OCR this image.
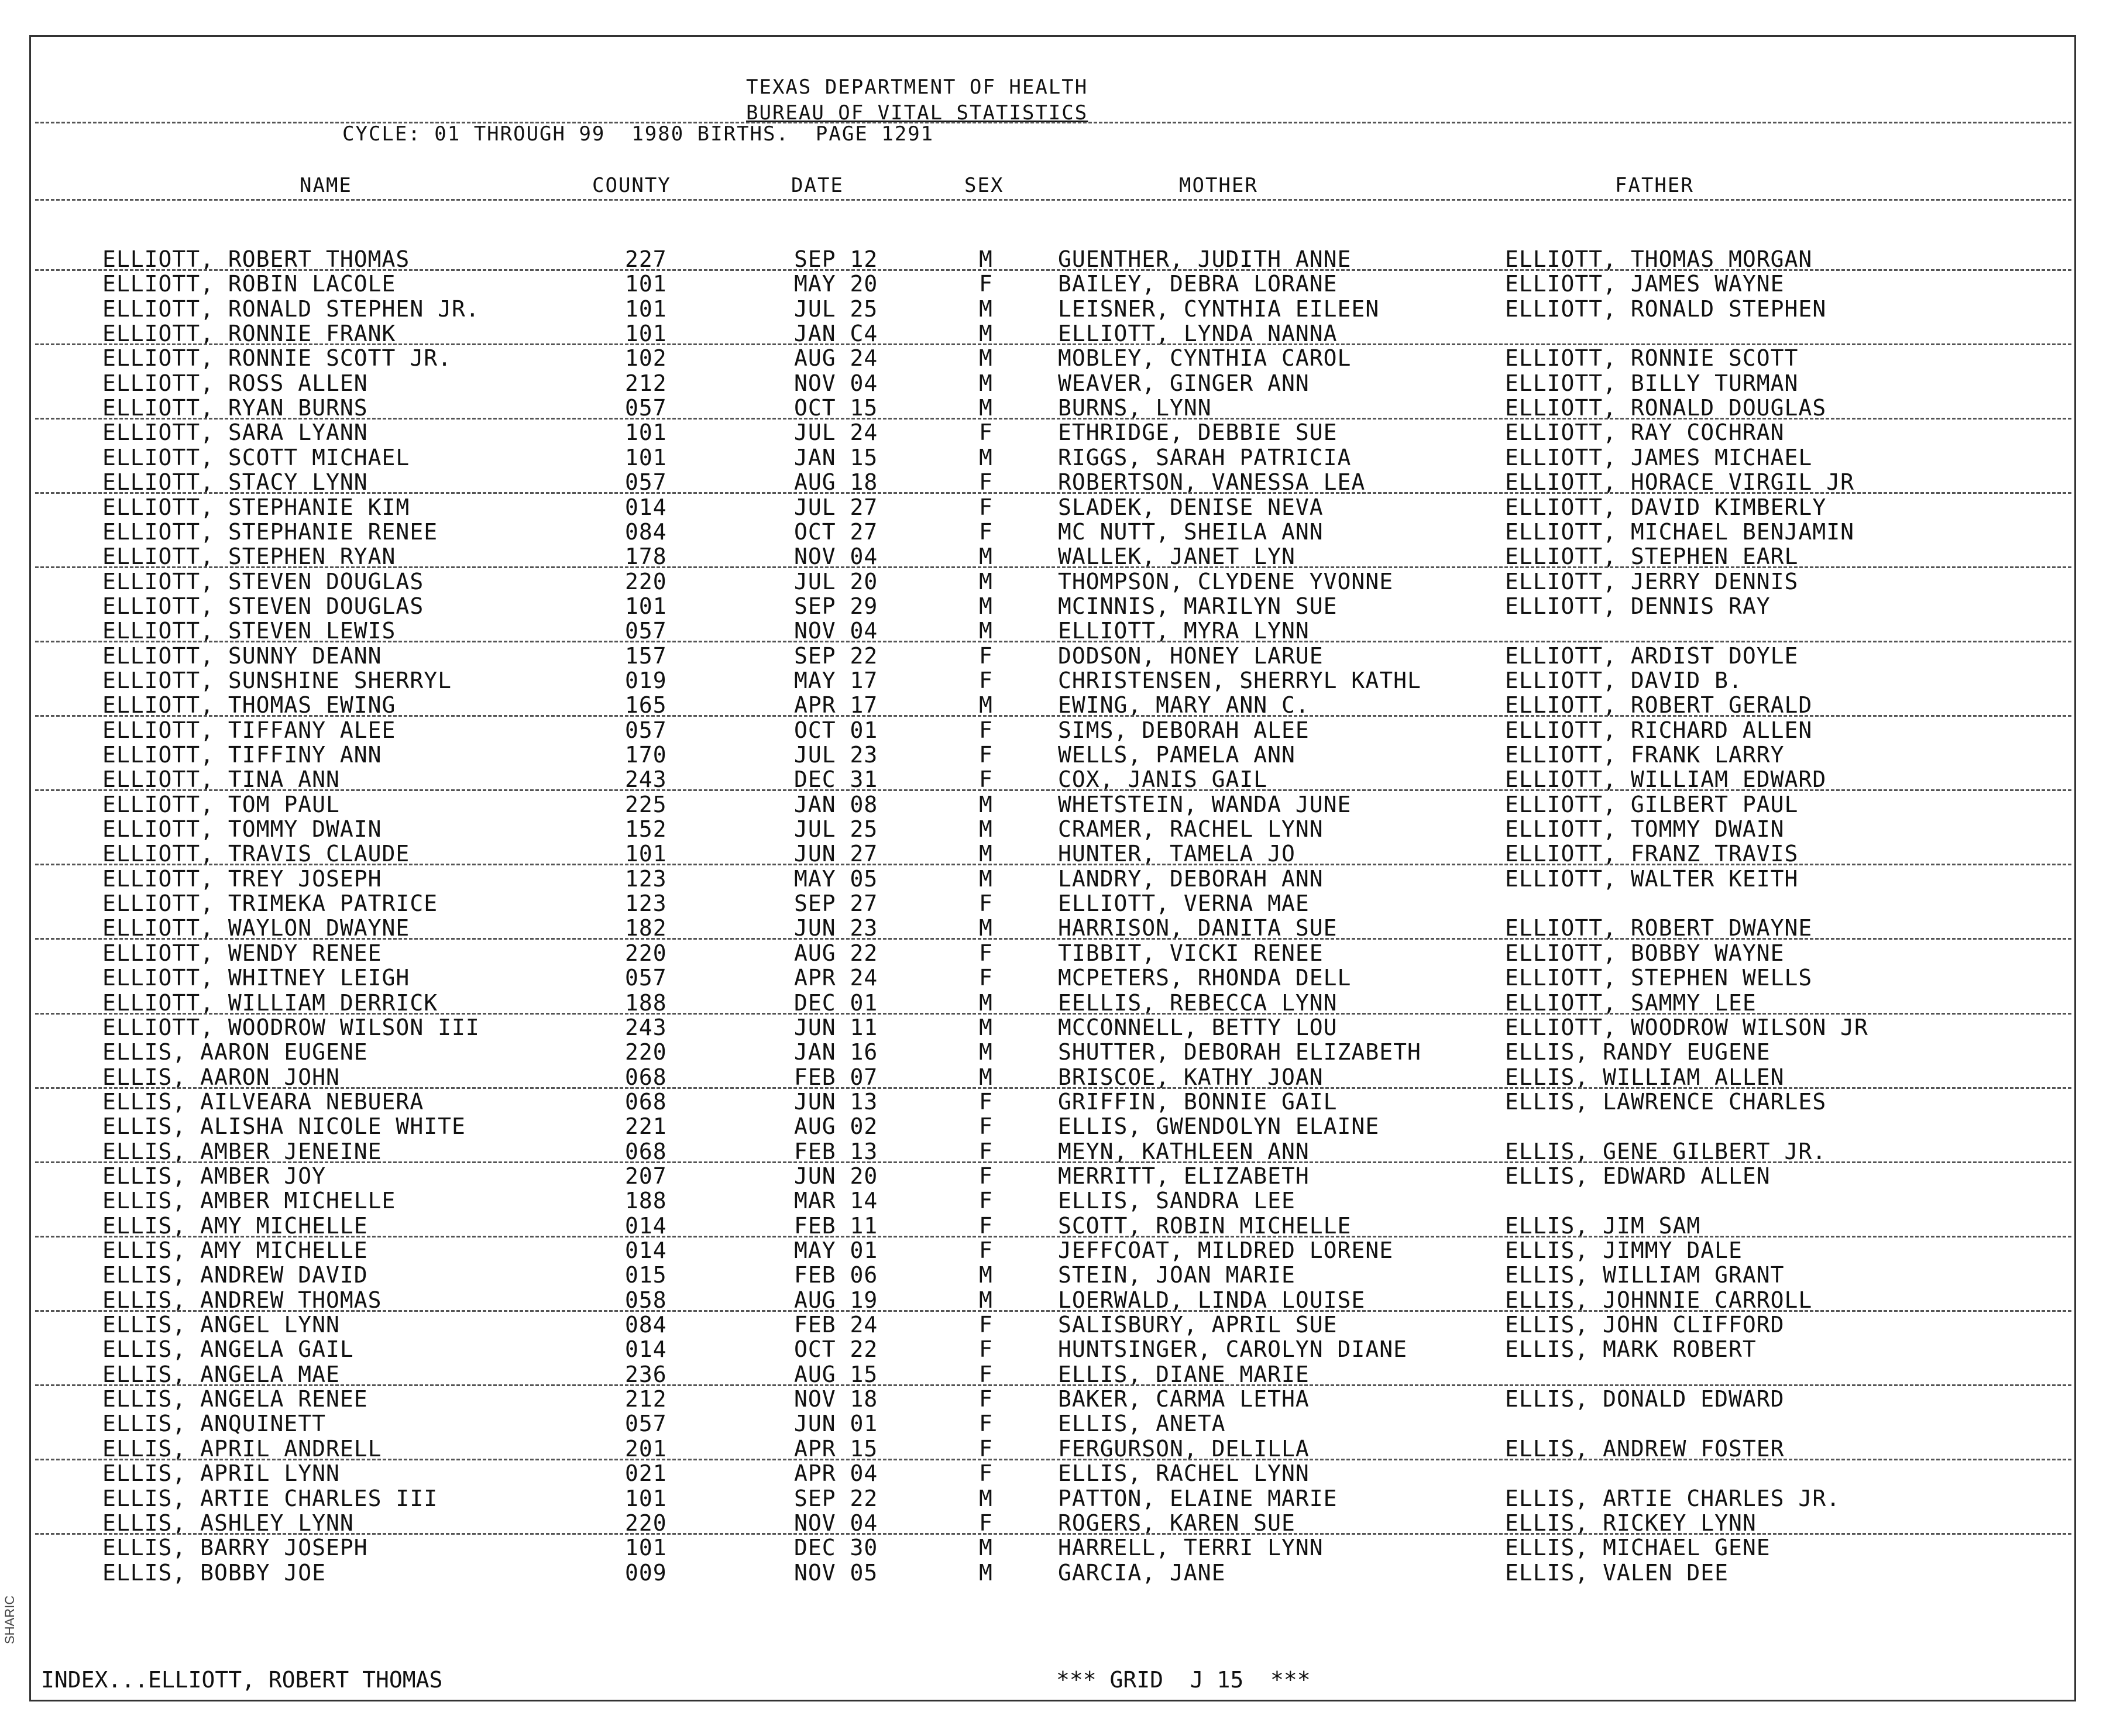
TEXAS DEPARTMENT OF HEALTH
BUREAU OF VITAL STATISTICS
CYCLE: 01 THROUGH 99  1980 BIRTHS.  PAGE 1291
NAME	COUNTY	DATE	SEX	MOTHER	FATHER
ELLIOTT, ROBERT THOMAS	227	SEP 12	M	GUENTHER, JUDITH ANNE	ELLIOTT, THOMAS MORGAN
ELLIOTT, ROBIN LACOLE	101	MAY 20	F	BAILEY, DEBRA LORANE	ELLIOTT, JAMES WAYNE
ELLIOTT, RONALD STEPHEN JR.	101	JUL 25	M	LEISNER, CYNTHIA EILEEN	ELLIOTT, RONALD STEPHEN
ELLIOTT, RONNIE FRANK	101	JAN C4	M	ELLIOTT, LYNDA NANNA
ELLIOTT, RONNIE SCOTT JR.	102	AUG 24	M	MOBLEY, CYNTHIA CAROL	ELLIOTT, RONNIE SCOTT
ELLIOTT, ROSS ALLEN	212	NOV 04	M	WEAVER, GINGER ANN	ELLIOTT, BILLY TURMAN
ELLIOTT, RYAN BURNS	057	OCT 15	M	BURNS, LYNN	ELLIOTT, RONALD DOUGLAS
ELLIOTT, SARA LYANN	101	JUL 24	F	ETHRIDGE, DEBBIE SUE	ELLIOTT, RAY COCHRAN
ELLIOTT, SCOTT MICHAEL	101	JAN 15	M	RIGGS, SARAH PATRICIA	ELLIOTT, JAMES MICHAEL
ELLIOTT, STACY LYNN	057	AUG 18	F	ROBERTSON, VANESSA LEA	ELLIOTT, HORACE VIRGIL JR
ELLIOTT, STEPHANIE KIM	014	JUL 27	F	SLADEK, DENISE NEVA	ELLIOTT, DAVID KIMBERLY
ELLIOTT, STEPHANIE RENEE	084	OCT 27	F	MC NUTT, SHEILA ANN	ELLIOTT, MICHAEL BENJAMIN
ELLIOTT, STEPHEN RYAN	178	NOV 04	M	WALLEK, JANET LYN	ELLIOTT, STEPHEN EARL
ELLIOTT, STEVEN DOUGLAS	220	JUL 20	M	THOMPSON, CLYDENE YVONNE	ELLIOTT, JERRY DENNIS
ELLIOTT, STEVEN DOUGLAS	101	SEP 29	M	MCINNIS, MARILYN SUE	ELLIOTT, DENNIS RAY
ELLIOTT, STEVEN LEWIS	057	NOV 04	M	ELLIOTT, MYRA LYNN
ELLIOTT, SUNNY DEANN	157	SEP 22	F	DODSON, HONEY LARUE	ELLIOTT, ARDIST DOYLE
ELLIOTT, SUNSHINE SHERRYL	019	MAY 17	F	CHRISTENSEN, SHERRYL KATHL	ELLIOTT, DAVID B.
ELLIOTT, THOMAS EWING	165	APR 17	M	EWING, MARY ANN C.	ELLIOTT, ROBERT GERALD
ELLIOTT, TIFFANY ALEE	057	OCT 01	F	SIMS, DEBORAH ALEE	ELLIOTT, RICHARD ALLEN
ELLIOTT, TIFFINY ANN	170	JUL 23	F	WELLS, PAMELA ANN	ELLIOTT, FRANK LARRY
ELLIOTT, TINA ANN	243	DEC 31	F	COX, JANIS GAIL	ELLIOTT, WILLIAM EDWARD
ELLIOTT, TOM PAUL	225	JAN 08	M	WHETSTEIN, WANDA JUNE	ELLIOTT, GILBERT PAUL
ELLIOTT, TOMMY DWAIN	152	JUL 25	M	CRAMER, RACHEL LYNN	ELLIOTT, TOMMY DWAIN
ELLIOTT, TRAVIS CLAUDE	101	JUN 27	M	HUNTER, TAMELA JO	ELLIOTT, FRANZ TRAVIS
ELLIOTT, TREY JOSEPH	123	MAY 05	M	LANDRY, DEBORAH ANN	ELLIOTT, WALTER KEITH
ELLIOTT, TRIMEKA PATRICE	123	SEP 27	F	ELLIOTT, VERNA MAE
ELLIOTT, WAYLON DWAYNE	182	JUN 23	M	HARRISON, DANITA SUE	ELLIOTT, ROBERT DWAYNE
ELLIOTT, WENDY RENEE	220	AUG 22	F	TIBBIT, VICKI RENEE	ELLIOTT, BOBBY WAYNE
ELLIOTT, WHITNEY LEIGH	057	APR 24	F	MCPETERS, RHONDA DELL	ELLIOTT, STEPHEN WELLS
ELLIOTT, WILLIAM DERRICK	188	DEC 01	M	EELLIS, REBECCA LYNN	ELLIOTT, SAMMY LEE
ELLIOTT, WOODROW WILSON III	243	JUN 11	M	MCCONNELL, BETTY LOU	ELLIOTT, WOODROW WILSON JR
ELLIS, AARON EUGENE	220	JAN 16	M	SHUTTER, DEBORAH ELIZABETH	ELLIS, RANDY EUGENE
ELLIS, AARON JOHN	068	FEB 07	M	BRISCOE, KATHY JOAN	ELLIS, WILLIAM ALLEN
ELLIS, AILVEARA NEBUERA	068	JUN 13	F	GRIFFIN, BONNIE GAIL	ELLIS, LAWRENCE CHARLES
ELLIS, ALISHA NICOLE WHITE	221	AUG 02	F	ELLIS, GWENDOLYN ELAINE
ELLIS, AMBER JENEINE	068	FEB 13	F	MEYN, KATHLEEN ANN	ELLIS, GENE GILBERT JR.
ELLIS, AMBER JOY	207	JUN 20	F	MERRITT, ELIZABETH	ELLIS, EDWARD ALLEN
ELLIS, AMBER MICHELLE	188	MAR 14	F	ELLIS, SANDRA LEE
ELLIS, AMY MICHELLE	014	FEB 11	F	SCOTT, ROBIN MICHELLE	ELLIS, JIM SAM
ELLIS, AMY MICHELLE	014	MAY 01	F	JEFFCOAT, MILDRED LORENE	ELLIS, JIMMY DALE
ELLIS, ANDREW DAVID	015	FEB 06	M	STEIN, JOAN MARIE	ELLIS, WILLIAM GRANT
ELLIS, ANDREW THOMAS	058	AUG 19	M	LOERWALD, LINDA LOUISE	ELLIS, JOHNNIE CARROLL
ELLIS, ANGEL LYNN	084	FEB 24	F	SALISBURY, APRIL SUE	ELLIS, JOHN CLIFFORD
ELLIS, ANGELA GAIL	014	OCT 22	F	HUNTSINGER, CAROLYN DIANE	ELLIS, MARK ROBERT
ELLIS, ANGELA MAE	236	AUG 15	F	ELLIS, DIANE MARIE
ELLIS, ANGELA RENEE	212	NOV 18	F	BAKER, CARMA LETHA	ELLIS, DONALD EDWARD
ELLIS, ANQUINETT	057	JUN 01	F	ELLIS, ANETA
ELLIS, APRIL ANDRELL	201	APR 15	F	FERGURSON, DELILLA	ELLIS, ANDREW FOSTER
ELLIS, APRIL LYNN	021	APR 04	F	ELLIS, RACHEL LYNN
ELLIS, ARTIE CHARLES III	101	SEP 22	M	PATTON, ELAINE MARIE	ELLIS, ARTIE CHARLES JR.
ELLIS, ASHLEY LYNN	220	NOV 04	F	ROGERS, KAREN SUE	ELLIS, RICKEY LYNN
ELLIS, BARRY JOSEPH	101	DEC 30	M	HARRELL, TERRI LYNN	ELLIS, MICHAEL GENE
ELLIS, BOBBY JOE	009	NOV 05	M	GARCIA, JANE	ELLIS, VALEN DEE
INDEX...ELLIOTT, ROBERT THOMAS	*** GRID  J 15  ***
SHARIC
